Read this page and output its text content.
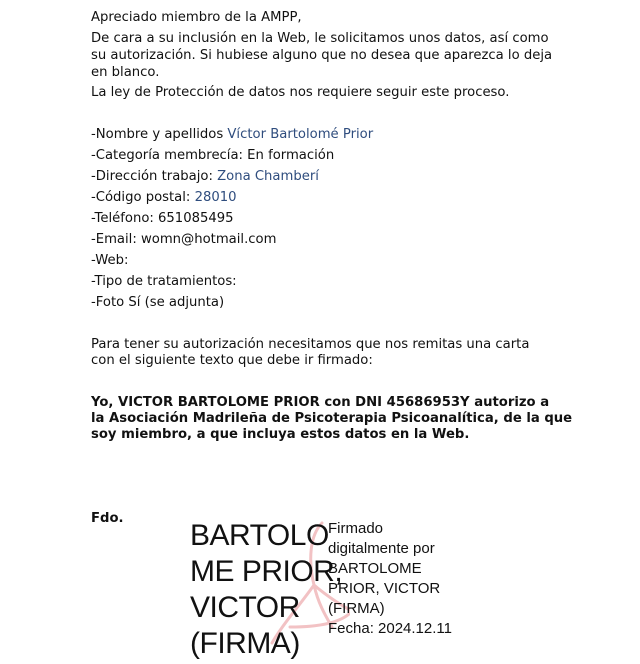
Apreciado miembro de la AMPP,

De cara a su inclusión en la Web, le solicitamos unos datos, así como

su autorización. Si hubiese alguno que no desea que aparezca lo deja

en blanco.

La ley de Protección de datos nos requiere seguir este proceso.

-Nombre y apellidos Víctor Bartolomé Prior

-Categoría membrecía: En formación

-Dirección trabajo: Zona Chamberí

-Código postal: 28010

-Teléfono: 651085495

-Email: womn@hotmail.com

-Web:

-Tipo de tratamientos:

-Foto Sí (se adjunta)

Para tener su autorización necesitamos que nos remitas una carta

con el siguiente texto que debe ir firmado:

Yo, VICTOR BARTOLOME PRIOR con DNI 45686953Y autorizo a

la Asociación Madrileña de Psicoterapia Psicoanalítica, de la que

soy miembro, a que incluya estos datos en la Web.

Fdo.

BARTOLO
ME PRIOR,
VICTOR
(FIRMA)
Firmado
digitalmente por
BARTOLOME
PRIOR, VICTOR
(FIRMA)
Fecha: 2024.12.11
